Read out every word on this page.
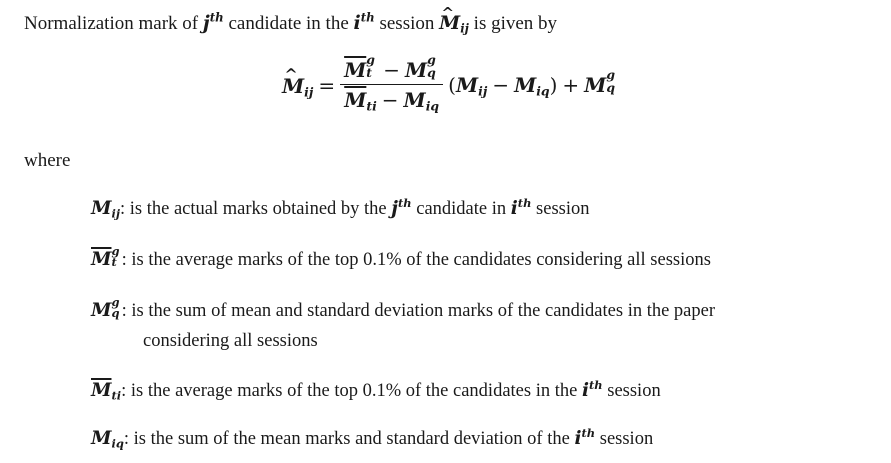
Normalization mark of $j^{th}$ candidate in the $i^{th}$ session ^ $M_{ij}$ is given by
^ $M_{ij} = \overline{M}$ g
t − M g
q

$\overline{M}_{ti} - M_{iq}$ $(M_{ij} - M_{iq}) + M$ g
q

where
$M_{ij}$: is the actual marks obtained by the $j^{th}$ candidate in $i^{th}$ session
$\overline{M}$ g
t : is the average marks of the top 0.1% of the candidates considering all sessions
M g
q : is the sum of mean and standard deviation marks of the candidates in the paper
considering all sessions
$\overline{M}_{ti}$: is the average marks of the top 0.1% of the candidates in the $i^{th}$ session
$M_{iq}$: is the sum of the mean marks and standard deviation of the $i^{th}$ session
